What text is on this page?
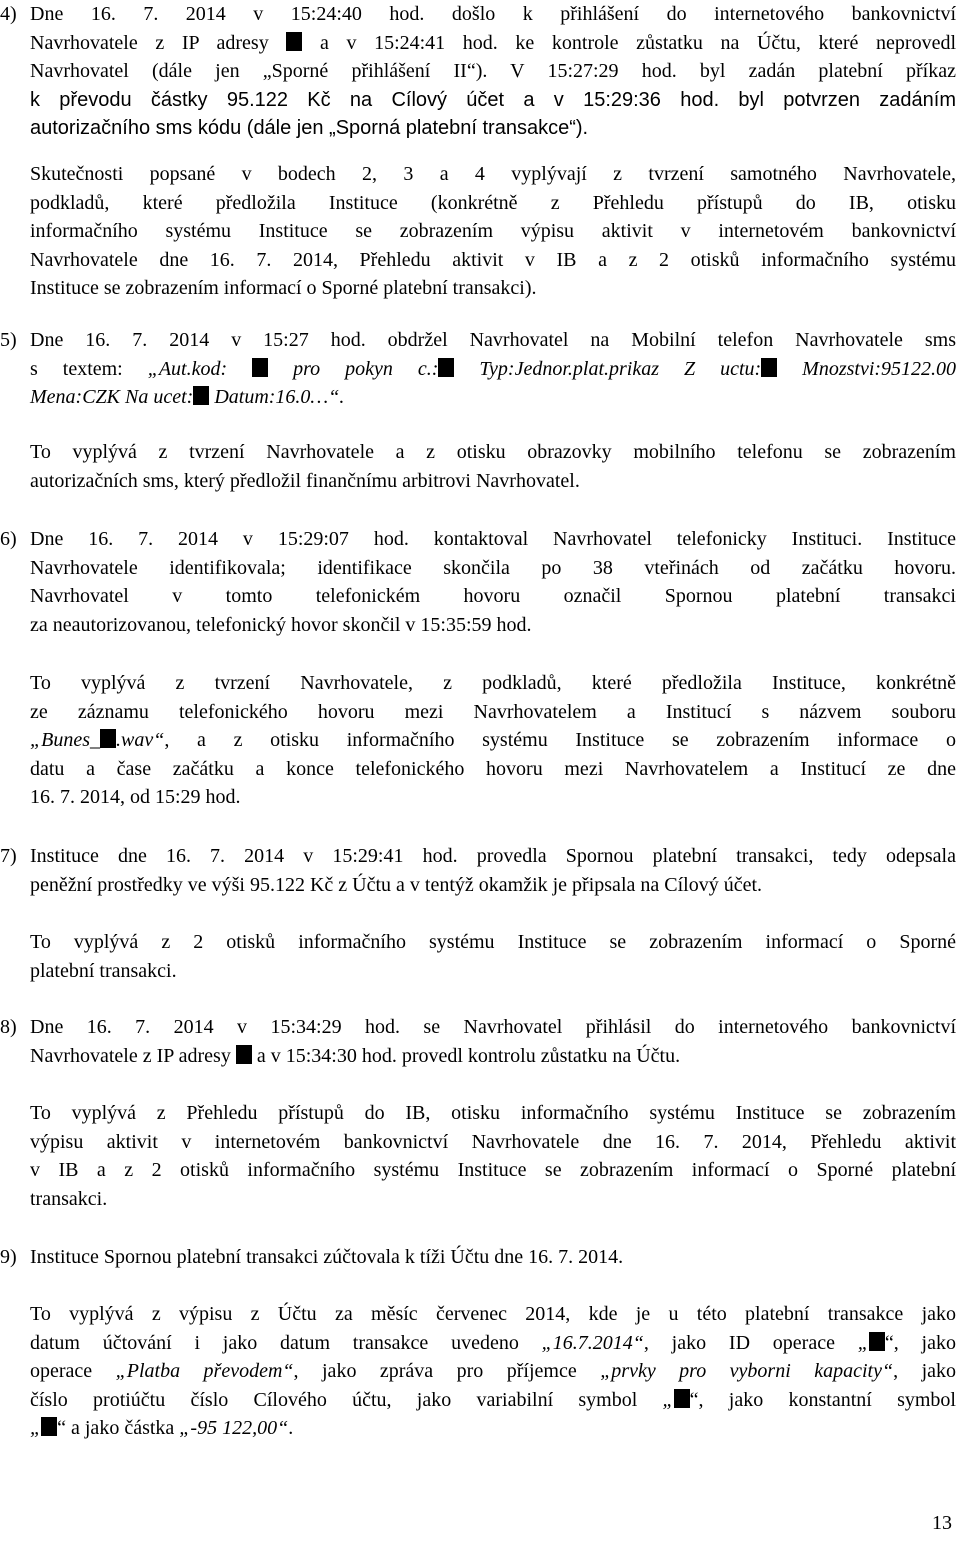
4) Dne 16. 7. 2014 v 15:24:40 hod. došlo k přihlášení do internetového bankovnictví
Navrhovatele z IP adresy	a v 15:24:41 hod. ke kontrole zůstatku na Účtu, které neprovedl
Navrhovatel (dále jen „Sporné přihlášení II“). V 15:27:29 hod. byl zadán platební příkaz
k převodu částky 95.122 Kč na Cílový účet a v 15:29:36 hod. byl potvrzen zadáním
autorizačního sms kódu (dále jen „Sporná platební transakce“).
Skutečnosti popsané v bodech 2, 3 a 4 vyplývají z tvrzení samotného Navrhovatele,
podkladů, které předložila Instituce (konkrétně z Přehledu přístupů do IB, otisku
informačního systému Instituce se zobrazením výpisu aktivit v internetovém bankovnictví
Navrhovatele dne 16. 7. 2014, Přehledu aktivit v IB a z 2 otisků informačního systému
Instituce se zobrazením informací o Sporné platební transakci).
5) Dne 16. 7. 2014 v 15:27 hod. obdržel Navrhovatel na Mobilní telefon Navrhovatele sms
s textem: „Aut.kod:	pro pokyn c.: Typ:Jednor.plat.prikaz Z uctu: Mnozstvi:95122.00
Mena:CZK Na ucet: Datum:16.0…“.
To vyplývá z tvrzení Navrhovatele a z otisku obrazovky mobilního telefonu se zobrazením
autorizačních sms, který předložil finančnímu arbitrovi Navrhovatel.
6) Dne 16. 7. 2014 v 15:29:07 hod. kontaktoval Navrhovatel telefonicky Instituci. Instituce
Navrhovatele identifikovala; identifikace skončila po 38 vteřinách od začátku hovoru.
Navrhovatel v tomto telefonickém hovoru označil Spornou platební transakci
za neautorizovanou, telefonický hovor skončil v 15:35:59 hod.
To vyplývá z tvrzení Navrhovatele, z podkladů, které předložila Instituce, konkrétně
ze záznamu telefonického hovoru mezi Navrhovatelem a Institucí s názvem souboru
„Bunes_ .wav“, a z otisku informačního systému Instituce se zobrazením informace o
datu a čase začátku a konce telefonického hovoru mezi Navrhovatelem a Institucí ze dne
16. 7. 2014, od 15:29 hod.
7) Instituce dne 16. 7. 2014 v 15:29:41 hod. provedla Spornou platební transakci, tedy odepsala
peněžní prostředky ve výši 95.122 Kč z Účtu a v tentýž okamžik je připsala na Cílový účet.
To vyplývá z 2 otisků informačního systému Instituce se zobrazením informací o Sporné
platební transakci.
8) Dne 16. 7. 2014 v 15:34:29 hod. se Navrhovatel přihlásil do internetového bankovnictví
Navrhovatele z IP adresy a v 15:34:30 hod. provedl kontrolu zůstatku na Účtu.
To vyplývá z Přehledu přístupů do IB, otisku informačního systému Instituce se zobrazením
výpisu aktivit v internetovém bankovnictví Navrhovatele dne 16. 7. 2014, Přehledu aktivit
v IB a z 2 otisků informačního systému Instituce se zobrazením informací o Sporné platební
transakci.
9) Instituce Spornou platební transakci zúčtovala k tíži Účtu dne 16. 7. 2014.
To vyplývá z výpisu z Účtu za měsíc červenec 2014, kde je u této platební transakce jako
datum účtování i jako datum transakce uvedeno „16.7.2014“, jako ID operace „ “, jako
operace „Platba převodem“, jako zpráva pro příjemce „prvky pro vyborni kapacity“, jako
číslo protiúčtu číslo Cílového účtu, jako variabilní symbol „ “, jako konstantní symbol
„ “ a jako částka „-95 122,00“.
13
